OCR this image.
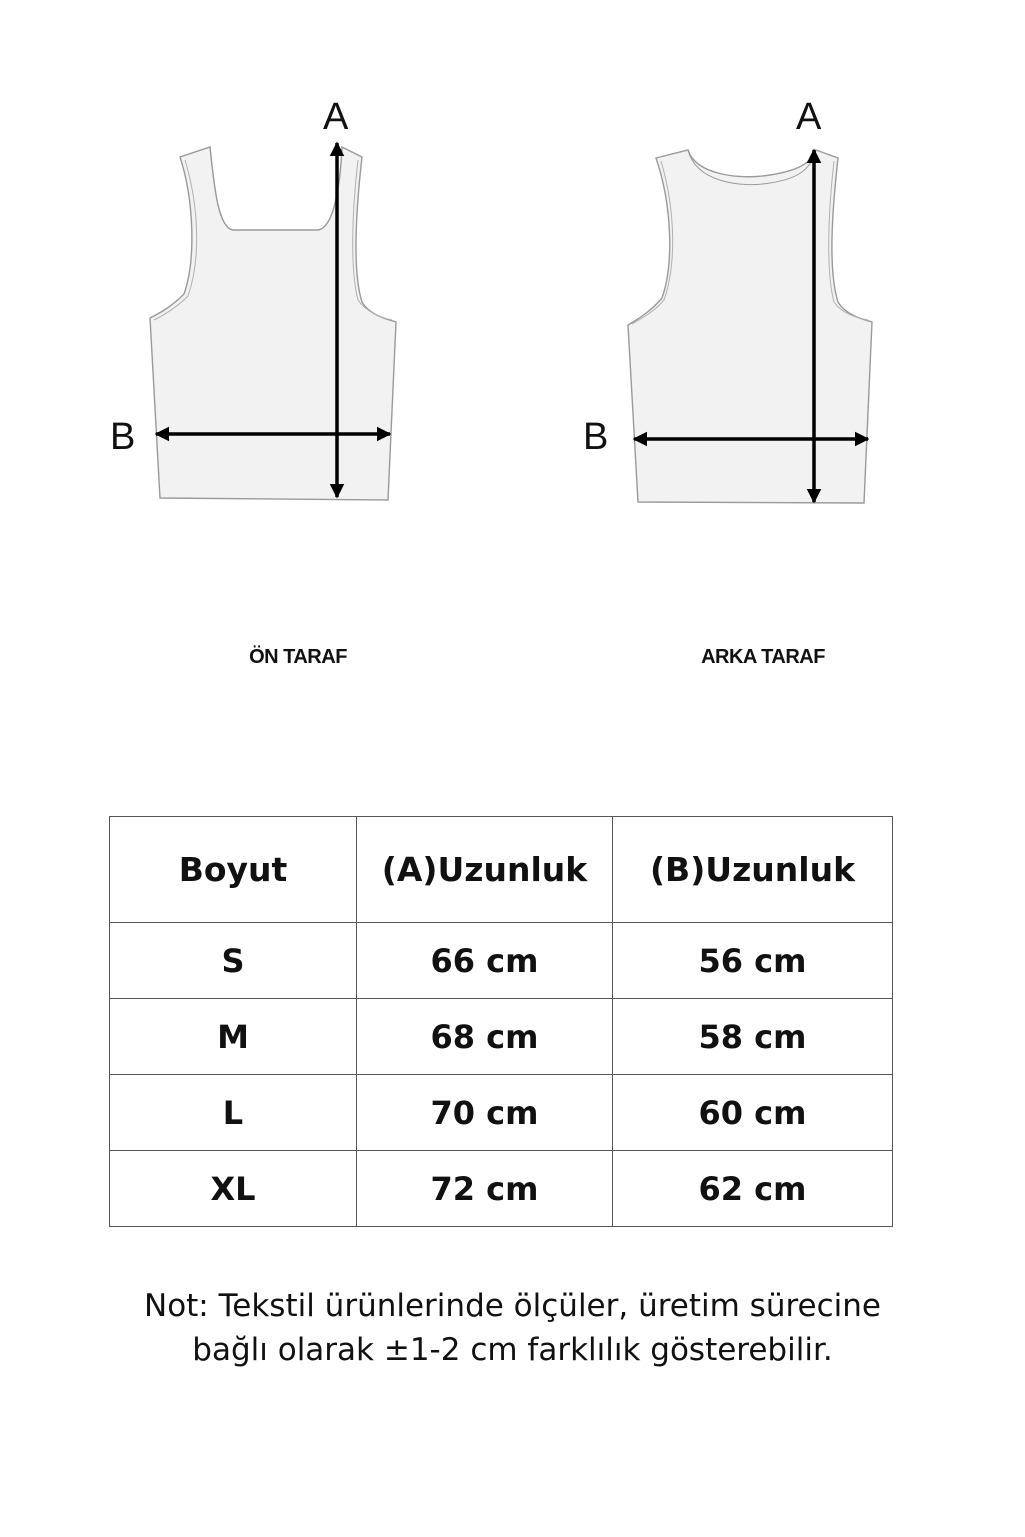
A
B
A
B
ÖN TARAF	ARKA TARAF
Boyut	(A)Uzunluk	(B)Uzunluk
S	66 cm	56 cm
M	68 cm	58 cm
L	70 cm	60 cm
XL	72 cm	62 cm
Not: Tekstil ürünlerinde ölçüler, üretim sürecine
bağlı olarak ±1-2 cm farklılık gösterebilir.
